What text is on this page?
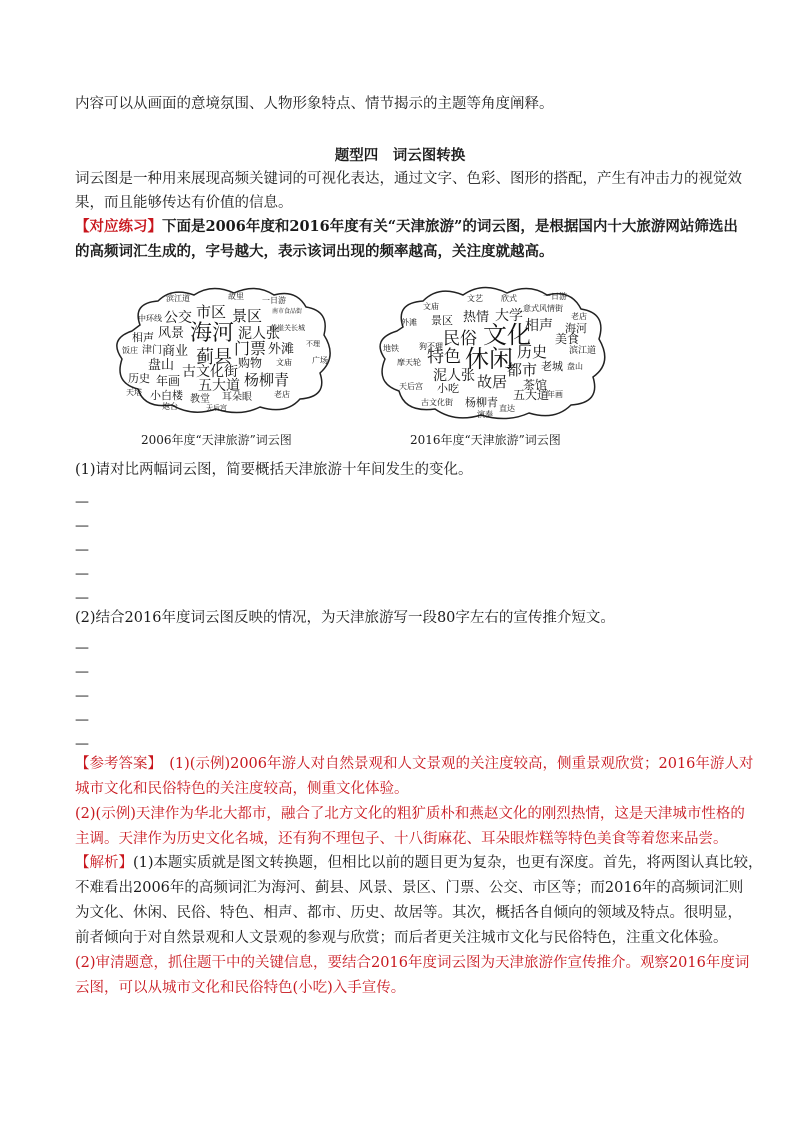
内容可以从画面的意境氛围、人物形象特点、情节揭示的主题等角度阐释。
题型四　词云图转换
词云图是一种用来展现高频关键词的可视化表达，通过文字、色彩、图形的搭配，产生有冲击力的视觉效
果，而且能够传达有价值的信息。
【对应练习】下面是2006年度和2016年度有关“天津旅游”的词云图，是根据国内十大旅游网站筛选出
的高频词汇生成的，字号越大，表示该词出现的频率越高，关注度就越高。
滨江道	故里 一日游
中环线 公交 市区 景区 南市食品街
相声 风景 海河 泥人张
黄崖关长城
饭庄 津门 商业 蓟县 门票 外滩 不理
盘山 古文化街
购物 文庙	广场
历史 年画 五大道 杨柳青
天塔 小白楼 教堂 耳朵眼	老店
炮台	天后宫
2006年度“天津旅游”词云图
文艺 欣式	一日游
文庙
热情 大学 意式风情街
老店
外滩 景区	相声 海河
地铁	民俗 文化 美食
狗不理
特色 休闲 历史 滨江道
摩天轮
泥人张 都市 老城 盘山
天后宫 小吃 故居 茶馆
古文化街 杨柳青
五大道
直达
年画
演奏
2016年度“天津旅游”词云图
(1)请对比两幅词云图，简要概括天津旅游十年间发生的变化。
—
—
—
—
—
(2)结合2016年度词云图反映的情况，为天津旅游写一段80字左右的宣传推介短文。
—
—
—
—
—
【参考答案】　(1)(示例)2006年游人对自然景观和人文景观的关注度较高，侧重景观欣赏；2016年游人对
城市文化和民俗特色的关注度较高，侧重文化体验。
(2)(示例)天津作为华北大都市，融合了北方文化的粗犷质朴和燕赵文化的刚烈热情，这是天津城市性格的
主调。天津作为历史文化名城，还有狗不理包子、十八街麻花、耳朵眼炸糕等特色美食等着您来品尝。
【解析】(1)本题实质就是图文转换题，但相比以前的题目更为复杂，也更有深度。首先，将两图认真比较，
不难看出2006年的高频词汇为海河、蓟县、风景、景区、门票、公交、市区等；而2016年的高频词汇则
为文化、休闲、民俗、特色、相声、都市、历史、故居等。其次，概括各自倾向的领域及特点。很明显，
前者倾向于对自然景观和人文景观的参观与欣赏；而后者更关注城市文化与民俗特色，注重文化体验。
(2)审清题意，抓住题干中的关键信息，要结合2016年度词云图为天津旅游作宣传推介。观察2016年度词
云图，可以从城市文化和民俗特色(小吃)入手宣传。
